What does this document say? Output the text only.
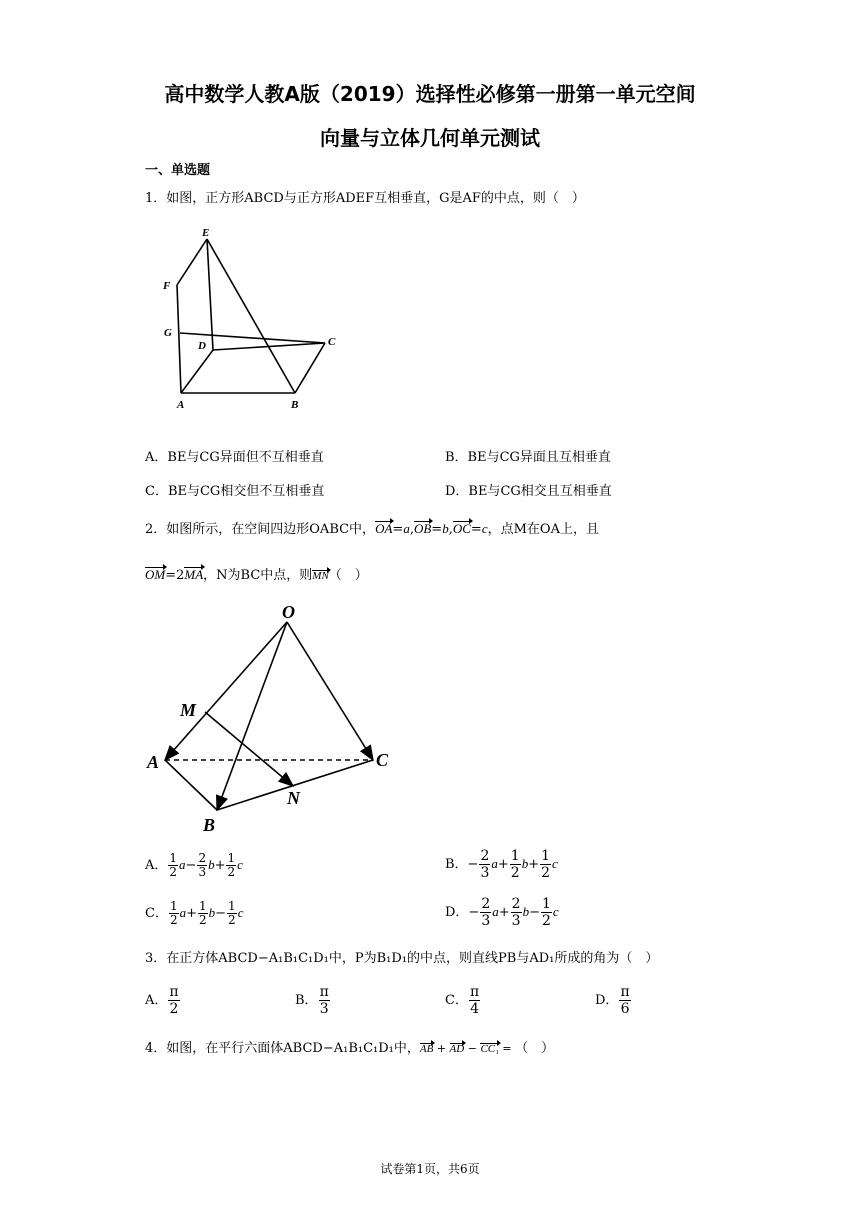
高中数学人教A版（2019）选择性必修第一册第一单元空间
向量与立体几何单元测试
一、单选题
1．如图，正方形ABCD与正方形ADEF互相垂直，G是AF的中点，则（　）
E
F
G
D	C
A	B
A．BE与CG异面但不互相垂直	B．BE与CG异面且互相垂直
C．BE与CG相交但不互相垂直	D．BE与CG相交且互相垂直
2．如图所示，在空间四边形OABC中，OA=a,OB=b,OC=c，点M在OA上，且
OM=2MA，N为BC中点，则MN（　）
O
M
A	C
N
B
A． $\frac{1}{2} a- \frac{2}{3} b+ \frac{1}{2}$ c	B．− $\frac{2}{3} a+ \frac{1}{2} b+ \frac{1}{2}$ c
C． $\frac{1}{2} a+ \frac{1}{2} b- \frac{1}{2}$ c	D．− $\frac{2}{3} a+ \frac{2}{3} b- \frac{1}{2}$ c
3．在正方体ABCD−A₁B₁C₁D₁中，P为B₁D₁的中点，则直线PB与AD₁所成的角为（　）
A． $\frac{\pi}{2}$	B． $\frac{\pi}{3}$	C． $\frac{\pi}{4}$	D． $\frac{\pi}{6}$
4．如图，在平行六面体ABCD−A₁B₁C₁D₁中，AB + AD − CC₁ = （　）
试卷第1页，共6页
